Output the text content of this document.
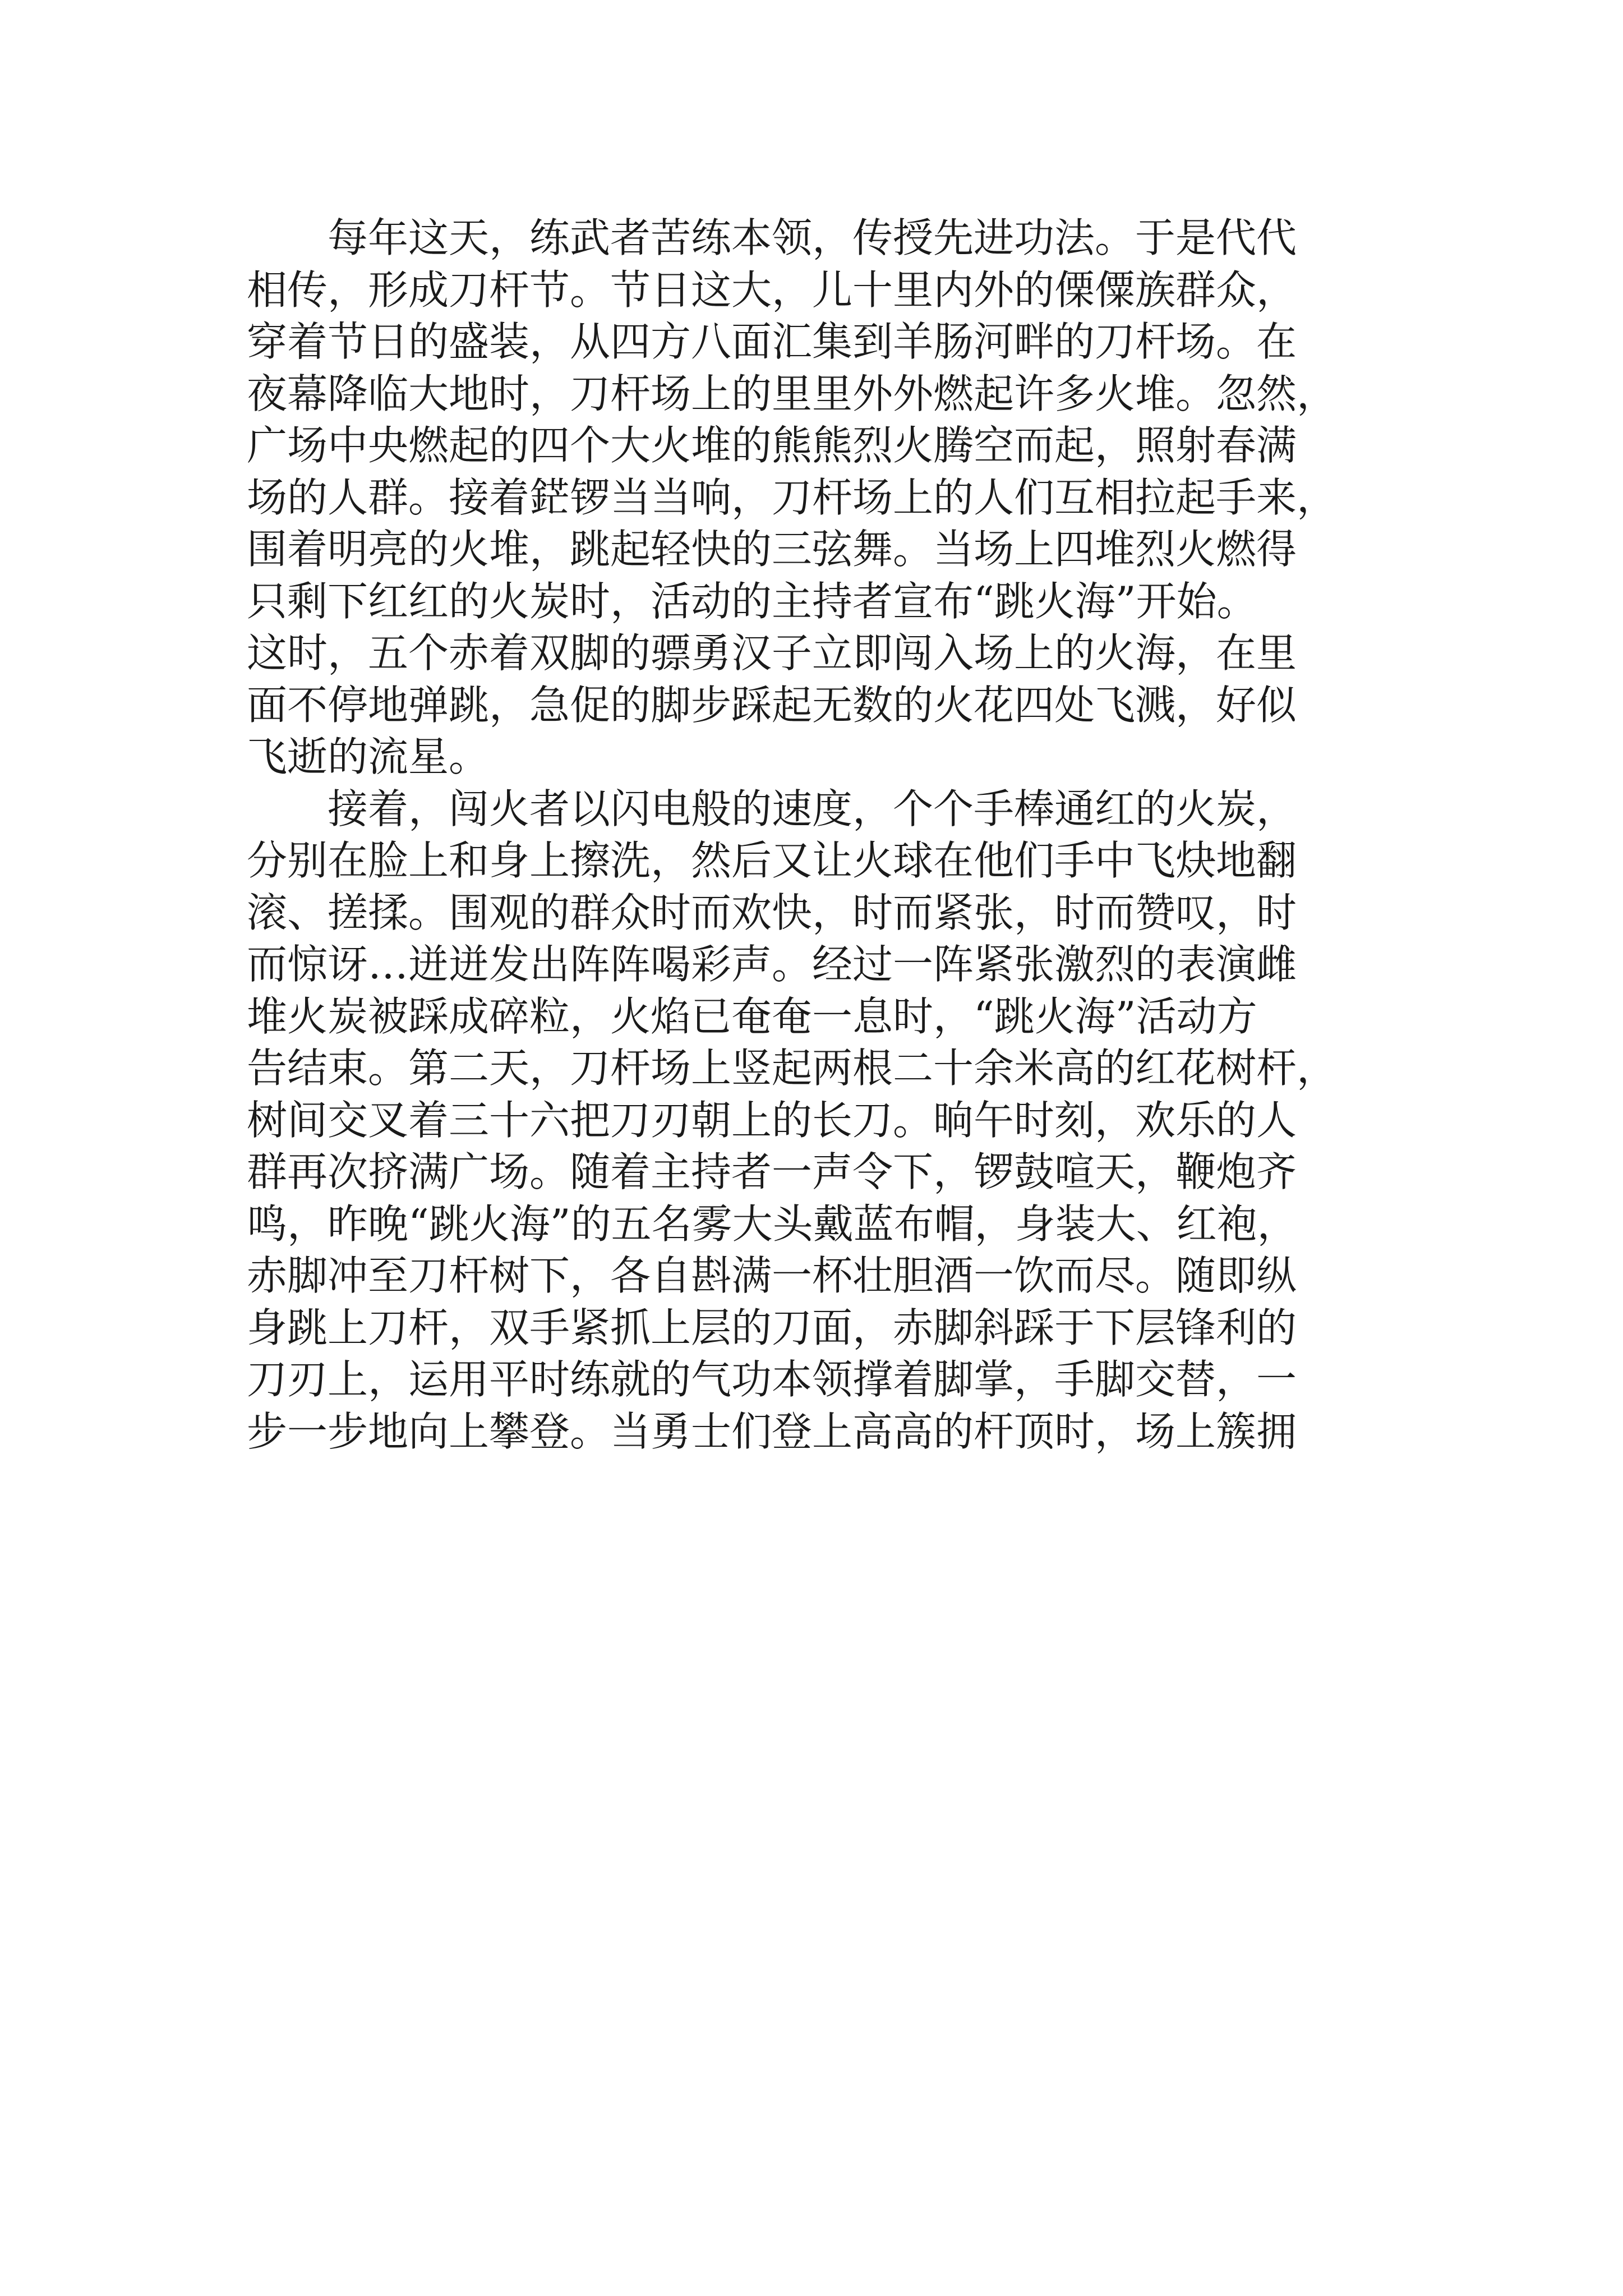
每年这天，练武者苦练本领，传授先进功法。于是代代
相传，形成刀杆节。节日这大，儿十里内外的傈僳族群众，
穿着节日的盛装，从四方八面汇集到羊肠河畔的刀杆场。在
夜幕降临大地时，刀杆场上的里里外外燃起许多火堆。忽然，
广场中央燃起的四个大火堆的熊熊烈火腾空而起，照射春满
场的人群。接着鋩锣当当响，刀杆场上的人们互相拉起手来，
围着明亮的火堆，跳起轻快的三弦舞。当场上四堆烈火燃得
只剩下红红的火炭时，活动的主持者宣布“跳火海”开始。
这时，五个赤着双脚的骠勇汉子立即闯入场上的火海，在里
面不停地弹跳，急促的脚步踩起无数的火花四处飞溅，好似
飞逝的流星。
接着，闯火者以闪电般的速度，个个手棒通红的火炭，
分别在脸上和身上擦洗，然后又让火球在他们手中飞炔地翻
滚、搓揉。围观的群众时而欢快，时而紧张，时而赞叹，时
而惊讶…迸迸发出阵阵喝彩声。经过一阵紧张激烈的表演雌
堆火炭被踩成碎粒，火焰已奄奄一息时，“跳火海”活动方
告结束。第二天，刀杆场上竖起两根二十余米高的红花树杆，
树间交叉着三十六把刀刃朝上的长刀。晌午时刻，欢乐的人
群再次挤满广场。随着主持者一声令下，锣鼓喧天，鞭炮齐
鸣，昨晚“跳火海”的五名雾大头戴蓝布帽，身装大、红袍，
赤脚冲至刀杆树下，各自斟满一杯壮胆酒一饮而尽。随即纵
身跳上刀杆，双手紧抓上层的刀面，赤脚斜踩于下层锋利的
刀刃上，运用平时练就的气功本领撑着脚掌，手脚交替，一
步一步地向上攀登。当勇士们登上高高的杆顶时，场上簇拥
